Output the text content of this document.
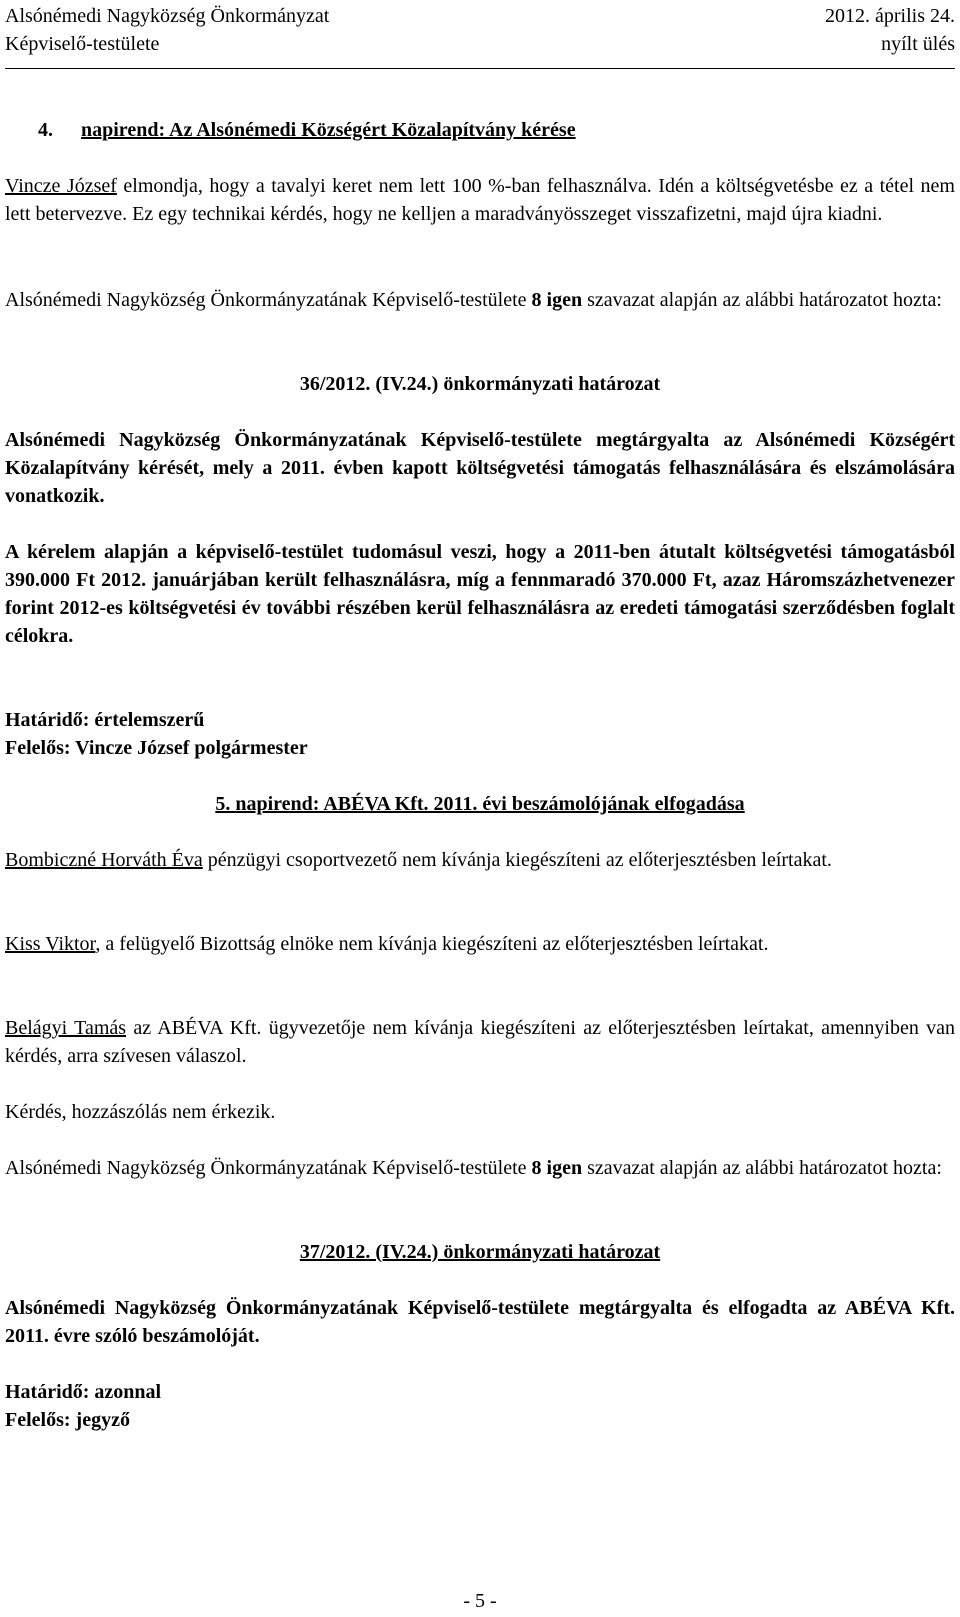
Alsónémedi Nagyközség Önkormányzat	2012. április 24.
Képviselő-testülete	nyílt ülés

4. napirend: Az Alsónémedi Községért Közalapítvány kérése

Vincze József elmondja, hogy a tavalyi keret nem lett 100 %-ban felhasználva. Idén a költségvetésbe ez a tétel nem lett betervezve. Ez egy technikai kérdés, hogy ne kelljen a maradványösszeget visszafizetni, majd újra kiadni.

Alsónémedi Nagyközség Önkormányzatának Képviselő-testülete 8 igen szavazat alapján az alábbi határozatot hozta:

36/2012. (IV.24.) önkormányzati határozat

Alsónémedi Nagyközség Önkormányzatának Képviselő-testülete megtárgyalta az Alsónémedi Községért Közalapítvány kérését, mely a 2011. évben kapott költségvetési támogatás felhasználására és elszámolására vonatkozik.

A kérelem alapján a képviselő-testület tudomásul veszi, hogy a 2011-ben átutalt költségvetési támogatásból 390.000 Ft 2012. januárjában került felhasználásra, míg a fennmaradó 370.000 Ft, azaz Háromszázhetvenezer forint 2012-es költségvetési év további részében kerül felhasználásra az eredeti támogatási szerződésben foglalt célokra.

Határidő: értelemszerű

Felelős: Vincze József polgármester

5. napirend: ABÉVA Kft. 2011. évi beszámolójának elfogadása

Bombiczné Horváth Éva pénzügyi csoportvezető nem kívánja kiegészíteni az előterjesztésben leírtakat.

Kiss Viktor, a felügyelő Bizottság elnöke nem kívánja kiegészíteni az előterjesztésben leírtakat.

Belágyi Tamás az ABÉVA Kft. ügyvezetője nem kívánja kiegészíteni az előterjesztésben leírtakat, amennyiben van kérdés, arra szívesen válaszol.

Kérdés, hozzászólás nem érkezik.

Alsónémedi Nagyközség Önkormányzatának Képviselő-testülete 8 igen szavazat alapján az alábbi határozatot hozta:

37/2012. (IV.24.) önkormányzati határozat

Alsónémedi Nagyközség Önkormányzatának Képviselő-testülete megtárgyalta és elfogadta az ABÉVA Kft. 2011. évre szóló beszámolóját.

Határidő: azonnal

Felelős: jegyző

- 5 -
